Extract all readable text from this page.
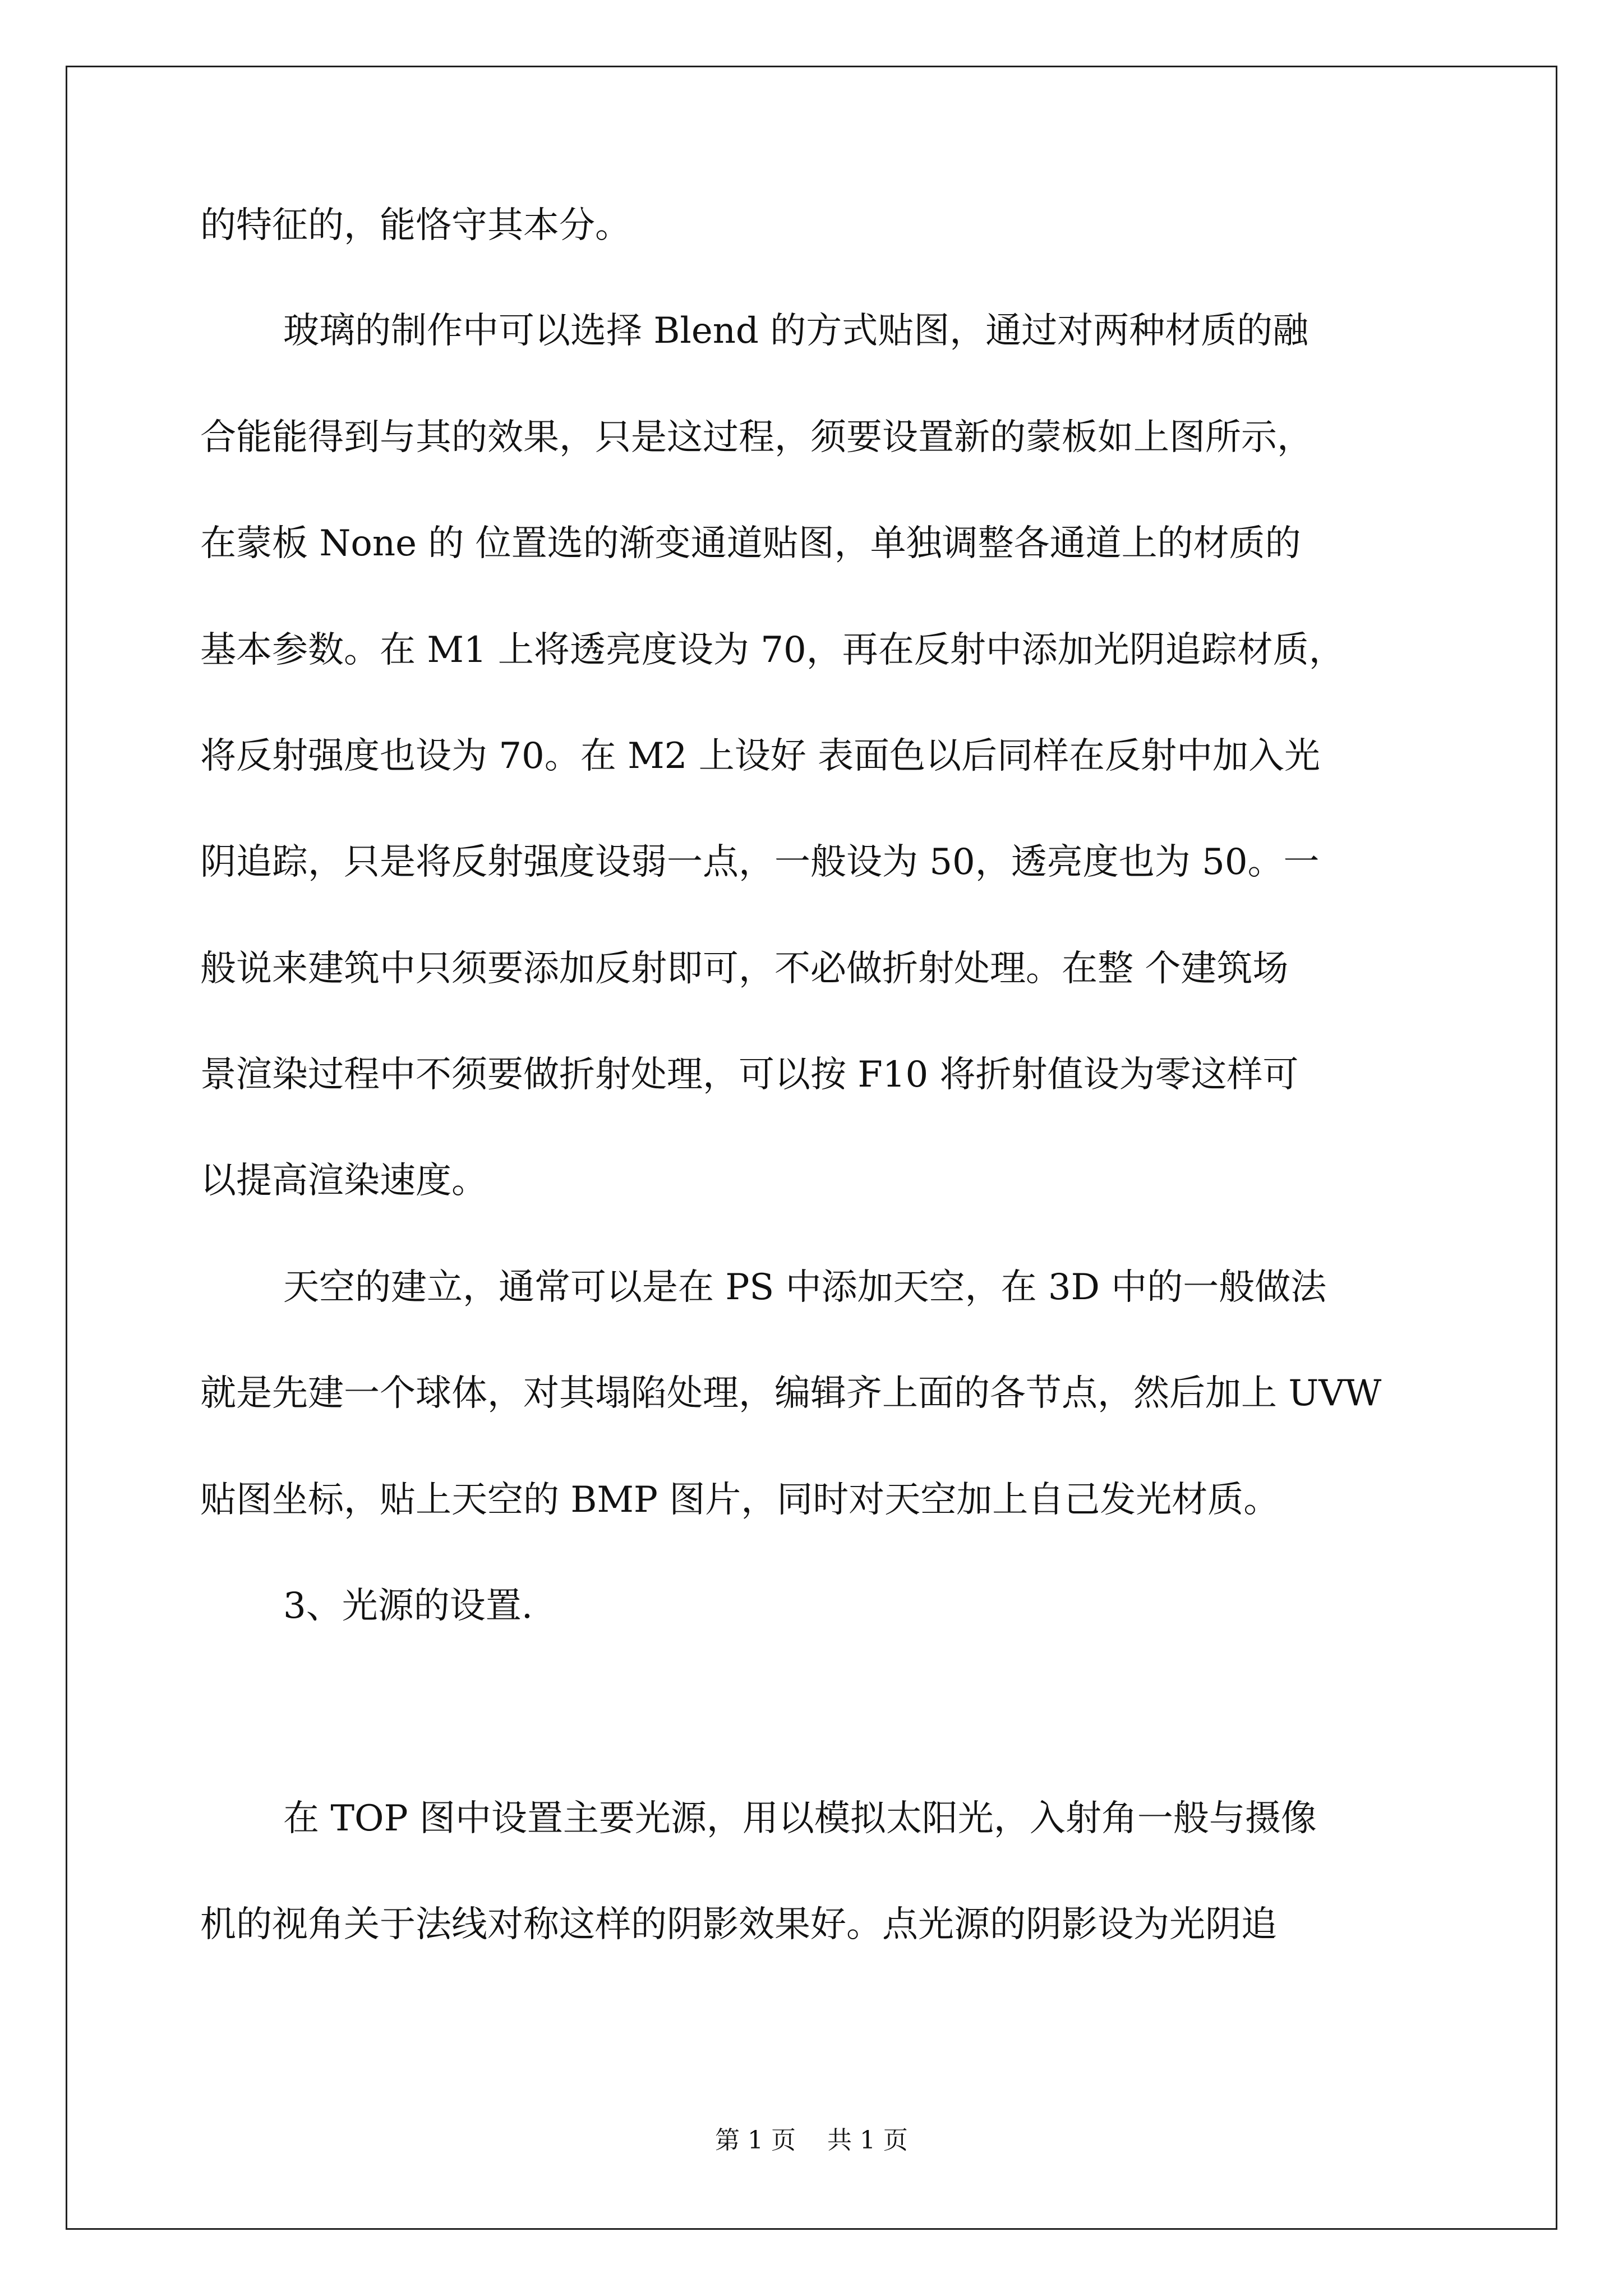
的特征的，能恪守其本分。
玻璃的制作中可以选择 Blend 的方式贴图，通过对两种材质的融
合能能得到与其的效果，只是这过程，须要设置新的蒙板如上图所示，
在蒙板 None 的 位置选的渐变通道贴图，单独调整各通道上的材质的
基本参数。在 M1 上将透亮度设为 70，再在反射中添加光阴追踪材质，
将反射强度也设为 70。在 M2 上设好 表面色以后同样在反射中加入光
阴追踪，只是将反射强度设弱一点，一般设为 50，透亮度也为 50。一
般说来建筑中只须要添加反射即可，不必做折射处理。在整 个建筑场
景渲染过程中不须要做折射处理，可以按 F10 将折射值设为零这样可
以提高渲染速度。
天空的建立，通常可以是在 PS 中添加天空，在 3D 中的一般做法
就是先建一个球体，对其塌陷处理，编辑齐上面的各节点，然后加上 UVW
贴图坐标，贴上天空的 BMP 图片，同时对天空加上自己发光材质。
3、光源的设置.
在 TOP 图中设置主要光源，用以模拟太阳光，入射角一般与摄像
机的视角关于法线对称这样的阴影效果好。点光源的阴影设为光阴追
第 1 页    共 1 页
